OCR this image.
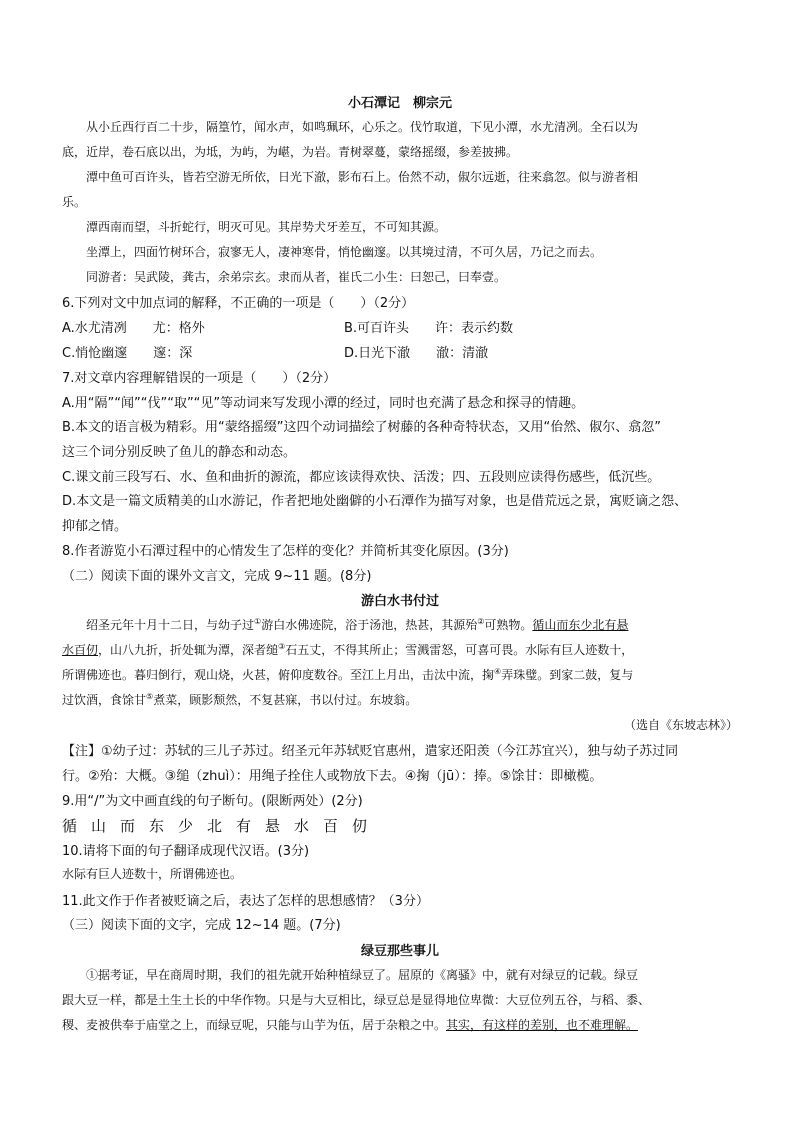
小石潭记　柳宗元
从小丘西行百二十步，隔篁竹，闻水声，如鸣珮环，心乐之。伐竹取道，下见小潭，水尤清冽。全石以为
底，近岸，卷石底以出，为坻，为屿，为嵁，为岩。青树翠蔓，蒙络摇缀，参差披拂。
潭中鱼可百许头，皆若空游无所依，日光下澈，影布石上。佁然不动，俶尔远逝，往来翕忽。似与游者相
乐。
潭西南而望，斗折蛇行，明灭可见。其岸势犬牙差互，不可知其源。
坐潭上，四面竹树环合，寂寥无人，凄神寒骨，悄怆幽邃。以其境过清，不可久居，乃记之而去。
同游者：吴武陵，龚古，余弟宗玄。隶而从者，崔氏二小生：曰恕己，曰奉壹。
6.下列对文中加点词的解释，不正确的一项是（　　）（2分）
A.水尤清冽　　尤：格外	B.可百许头　　许：表示约数
C.悄怆幽邃　　邃：深	D.日光下澈　　澈：清澈
7.对文章内容理解错误的一项是（　　）（2分）
A.用“隔”“闻”“伐”“取”“见”等动词来写发现小潭的经过，同时也充满了悬念和探寻的情趣。
B.本文的语言极为精彩。用“蒙络摇缀”这四个动词描绘了树藤的各种奇特状态，又用“佁然、俶尔、翕忽”
这三个词分别反映了鱼儿的静态和动态。
C.课文前三段写石、水、鱼和曲折的源流，都应该读得欢快、活泼；四、五段则应读得伤感些，低沉些。
D.本文是一篇文质精美的山水游记，作者把地处幽僻的小石潭作为描写对象，也是借荒远之景，寓贬谪之怨、
抑郁之情。
8.作者游览小石潭过程中的心情发生了怎样的变化？并简析其变化原因。(3分)
（二）阅读下面的课外文言文，完成 9~11 题。(8分)
游白水书付过
绍圣元年十月十二日，与幼子过①游白水佛迹院，浴于汤池，热甚，其源殆②可熟物。循山而东少北有悬
水百仞，山八九折，折处辄为潭，深者缒③石五丈，不得其所止；雪溅雷怒，可喜可畏。水际有巨人迹数十，
所谓佛迹也。暮归倒行，观山烧，火甚，俯仰度数谷。至江上月出，击汰中流，掬④弄珠璧。到家二鼓，复与
过饮酒，食馀甘⑤煮菜，顾影颓然，不复甚寐，书以付过。东坡翁。
（选自《东坡志林》）
【注】①幼子过：苏轼的三儿子苏过。绍圣元年苏轼贬官惠州，遣家还阳羡（今江苏宜兴），独与幼子苏过同
行。②殆：大概。③缒（zhuì）：用绳子拴住人或物放下去。④掬（jū）：捧。⑤馀甘：即橄榄。
9.用“/”为文中画直线的句子断句。(限断两处）(2分)
循山而东少北有悬水百仞
10.请将下面的句子翻译成现代汉语。(3分)
水际有巨人迹数十，所谓佛迹也。
11.此文作于作者被贬谪之后，表达了怎样的思想感情？（3分）
（三）阅读下面的文字，完成 12~14 题。(7分)
绿豆那些事儿
①据考证，早在商周时期，我们的祖先就开始种植绿豆了。屈原的《离骚》中，就有对绿豆的记载。绿豆
跟大豆一样，都是土生土长的中华作物。只是与大豆相比，绿豆总是显得地位卑微：大豆位列五谷，与稻、黍、
稷、麦被供奉于庙堂之上，而绿豆呢，只能与山芋为伍，居于杂粮之中。其实，有这样的差别，也不难理解。
